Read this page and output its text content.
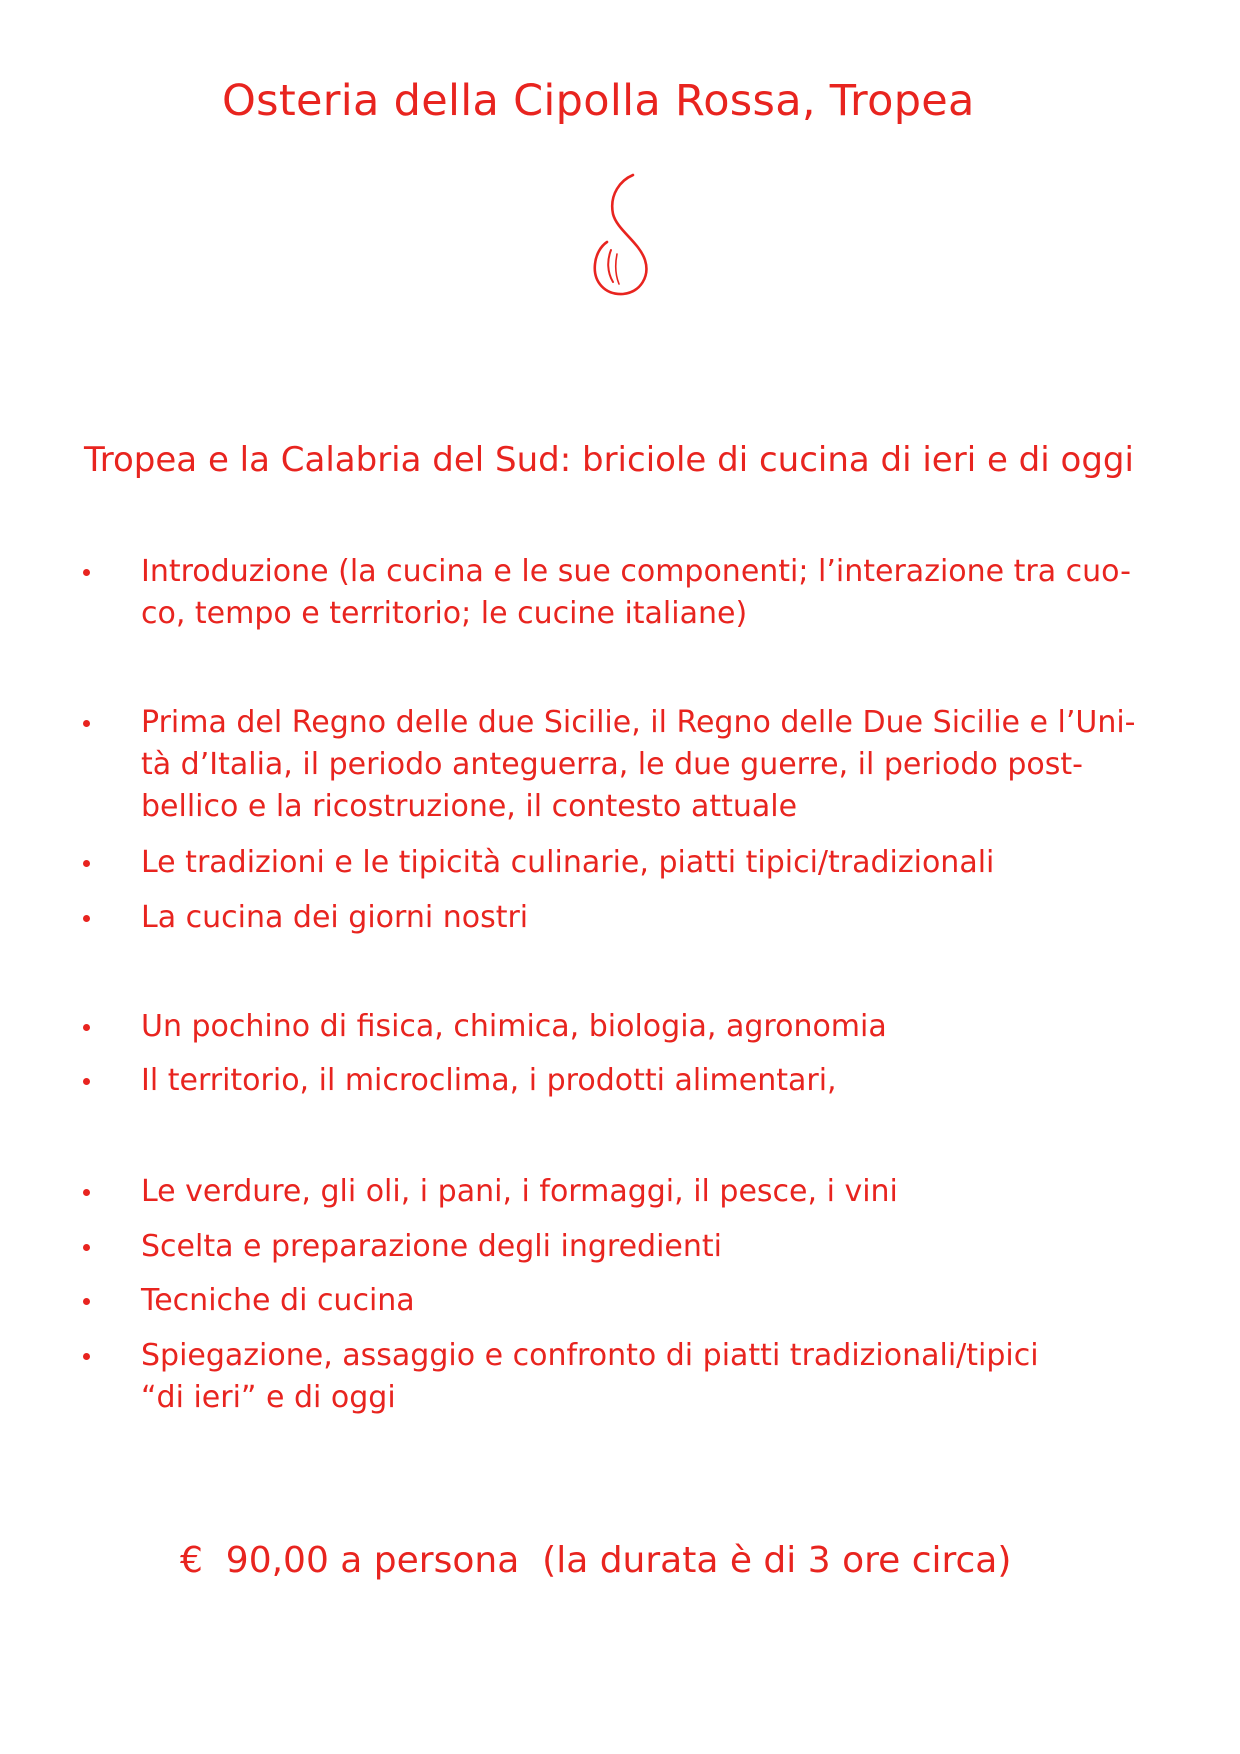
Osteria della Cipolla Rossa, Tropea
Tropea e la Calabria del Sud: briciole di cucina di ieri e di oggi
Introduzione (la cucina e le sue componenti; l’interazione tra cuo-
co, tempo e territorio; le cucine italiane)
Prima del Regno delle due Sicilie, il Regno delle Due Sicilie e l’Uni-
tà d’Italia, il periodo anteguerra, le due guerre, il periodo post-
bellico e la ricostruzione, il contesto attuale
Le tradizioni e le tipicità culinarie, piatti tipici/tradizionali
La cucina dei giorni nostri
Un pochino di fisica, chimica, biologia, agronomia
Il territorio, il microclima, i prodotti alimentari,
Le verdure, gli oli, i pani, i formaggi, il pesce, i vini
Scelta e preparazione degli ingredienti
Tecniche di cucina
Spiegazione, assaggio e confronto di piatti tradizionali/tipici
“di ieri” e di oggi

€  90,00 a persona  (la durata è di 3 ore circa)
